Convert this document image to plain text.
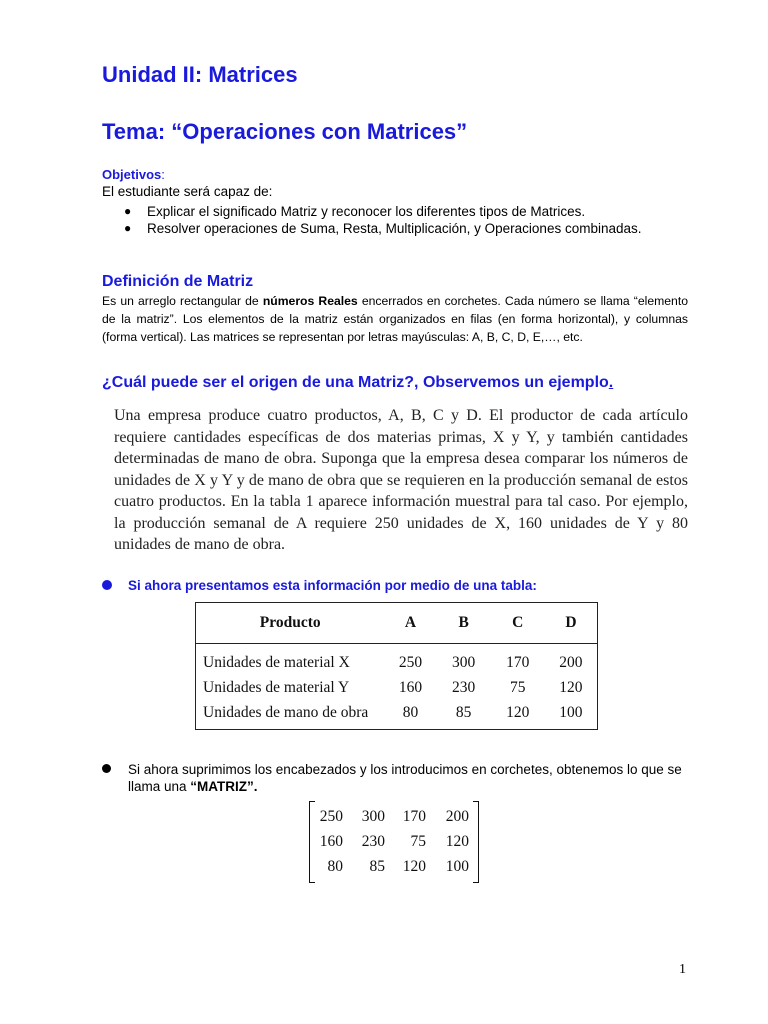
Unidad II: Matrices
Tema: “Operaciones con Matrices”
Objetivos:
El estudiante será capaz de:
● Explicar el significado Matriz y reconocer los diferentes tipos de Matrices.
● Resolver operaciones de Suma, Resta, Multiplicación, y Operaciones combinadas.
Definición de Matriz

Es un arreglo rectangular de números Reales encerrados en corchetes. Cada número se llama “elemento de la matriz”. Los elementos de la matriz están organizados en filas (en forma horizontal), y columnas (forma vertical). Las matrices se representan por letras mayúsculas: A, B, C, D, E,…, etc.

¿Cuál puede ser el origen de una Matriz?, Observemos un ejemplo.

Una empresa produce cuatro productos, A, B, C y D. El productor de cada artículo requiere cantidades específicas de dos materias primas, X y Y, y también cantidades determinadas de mano de obra. Suponga que la empresa desea comparar los números de unidades de X y Y y de mano de obra que se requieren en la producción semanal de estos cuatro productos. En la tabla 1 aparece información muestral para tal caso. Por ejemplo, la producción semanal de A requiere 250 unidades de X, 160 unidades de Y y 80 unidades de mano de obra.

Si ahora presentamos esta información por medio de una tabla:
Producto	A	B	C	D
Unidades de material X	250	300	170	200
Unidades de material Y	160	230	75	120
Unidades de mano de obra	80	85	120	100
Si ahora suprimimos los encabezados y los introducimos en corchetes, obtenemos lo que se llama una “MATRIZ”.
250	300	170	200
160	230	75	120
80	85	120	100
1
